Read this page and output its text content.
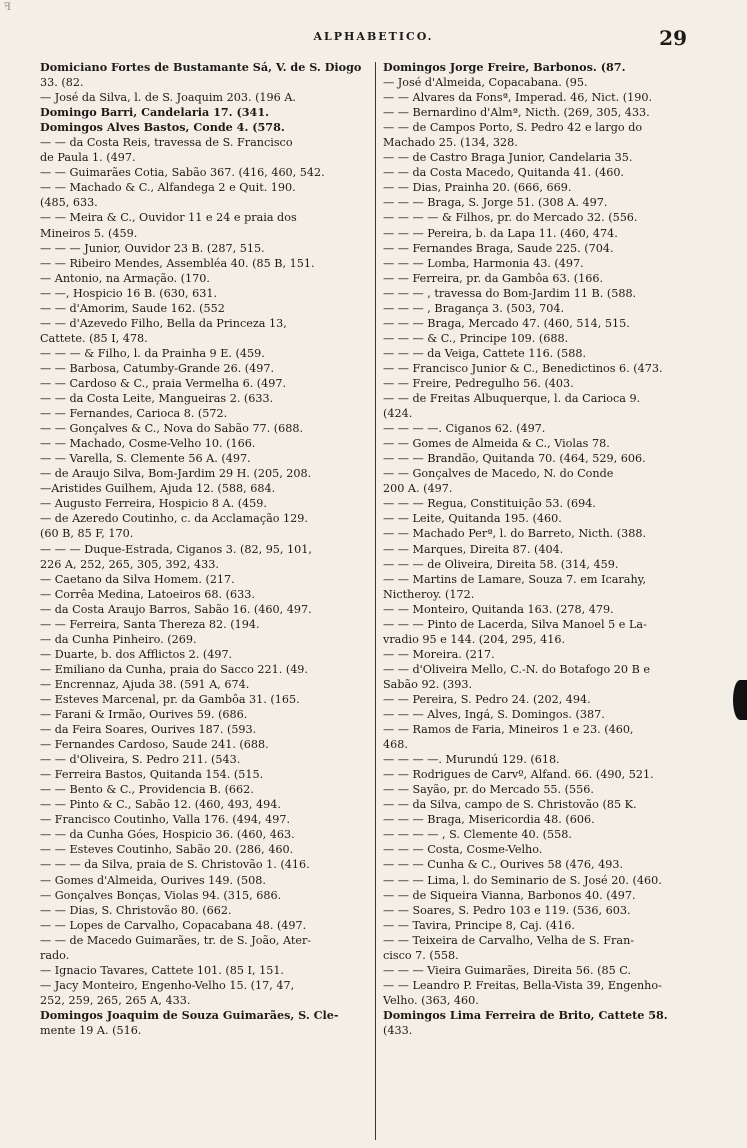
ꟻ
ALPHABETICO.	29
Domiciano Fortes de Bustamante Sá, V. de S. Diogo
33. (82.
— José da Silva, l. de S. Joaquim 203. (196 A.
Domingo Barri, Candelaria 17. (341.
Domingos Alves Bastos, Conde 4. (578.
— — da Costa Reis, travessa de S. Francisco
de Paula 1. (497.
— — Guimarães Cotia, Sabão 367. (416, 460, 542.
— — Machado & C., Alfandega 2 e Quit. 190.
(485, 633.
— — Meira & C., Ouvidor 11 e 24 e praia dos
Mineiros 5. (459.
— — — Junior, Ouvidor 23 B. (287, 515.
— — Ribeiro Mendes, Assembléa 40. (85 B, 151.
— Antonio, na Armação. (170.
— —, Hospicio 16 B. (630, 631.
— — d'Amorim, Saude 162. (552
— — d'Azevedo Filho, Bella da Princeza 13,
Cattete. (85 I, 478.
— — — & Filho, l. da Prainha 9 E. (459.
— — Barbosa, Catumby-Grande 26. (497.
— — Cardoso & C., praia Vermelha 6. (497.
— — da Costa Leite, Mangueiras 2. (633.
— — Fernandes, Carioca 8. (572.
— — Gonçalves & C., Nova do Sabão 77. (688.
— — Machado, Cosme-Velho 10. (166.
— — Varella, S. Clemente 56 A. (497.
— de Araujo Silva, Bom-Jardim 29 H. (205, 208.
—Aristides Guilhem, Ajuda 12. (588, 684.
— Augusto Ferreira, Hospicio 8 A. (459.
— de Azeredo Coutinho, c. da Acclamação 129.
(60 B, 85 F, 170.
— — — Duque-Estrada, Ciganos 3. (82, 95, 101,
226 A, 252, 265, 305, 392, 433.
— Caetano da Silva Homem. (217.
— Corrêa Medina, Latoeiros 68. (633.
— da Costa Araujo Barros, Sabão 16. (460, 497.
— — Ferreira, Santa Thereza 82. (194.
— da Cunha Pinheiro. (269.
— Duarte, b. dos Afflictos 2. (497.
— Emiliano da Cunha, praia do Sacco 221. (49.
— Encrennaz, Ajuda 38. (591 A, 674.
— Esteves Marcenal, pr. da Gambôa 31. (165.
— Farani & Irmão, Ourives 59. (686.
— da Feira Soares, Ourives 187. (593.
— Fernandes Cardoso, Saude 241. (688.
— — d'Oliveira, S. Pedro 211. (543.
— Ferreira Bastos, Quitanda 154. (515.
— — Bento & C., Providencia B. (662.
— — Pinto & C., Sabão 12. (460, 493, 494.
— Francisco Coutinho, Valla 176. (494, 497.
— — da Cunha Góes, Hospicio 36. (460, 463.
— — Esteves Coutinho, Sabão 20. (286, 460.
— — — da Silva, praia de S. Christovão 1. (416.
— Gomes d'Almeida, Ourives 149. (508.
— Gonçalves Bonças, Violas 94. (315, 686.
— — Dias, S. Christovão 80. (662.
— — Lopes de Carvalho, Copacabana 48. (497.
— — de Macedo Guimarães, tr. de S. João, Ater-
rado.
— Ignacio Tavares, Cattete 101. (85 I, 151.
— Jacy Monteiro, Engenho-Velho 15. (17, 47,
252, 259, 265, 265 A, 433.
Domingos Joaquim de Souza Guimarães, S. Cle-
mente 19 A. (516.
Domingos Jorge Freire, Barbonos. (87.
— José d'Almeida, Copacabana. (95.
— — Alvares da Fonsª, Imperad. 46, Nict. (190.
— — Bernardino d'Almª, Nicth. (269, 305, 433.
— — de Campos Porto, S. Pedro 42 e largo do
Machado 25. (134, 328.
— — de Castro Braga Junior, Candelaria 35.
— — da Costa Macedo, Quitanda 41. (460.
— — Dias, Prainha 20. (666, 669.
— — — Braga, S. Jorge 51. (308 A. 497.
— — — — & Filhos, pr. do Mercado 32. (556.
— — — Pereira, b. da Lapa 11. (460, 474.
— — Fernandes Braga, Saude 225. (704.
— — — Lomba, Harmonia 43. (497.
— — Ferreira, pr. da Gambôa 63. (166.
— — — , travessa do Bom-Jardim 11 B. (588.
— — — , Bragança 3. (503, 704.
— — — Braga, Mercado 47. (460, 514, 515.
— — — & C., Principe 109. (688.
— — — da Veiga, Cattete 116. (588.
— — Francisco Junior & C., Benedictinos 6. (473.
— — Freire, Pedregulho 56. (403.
— — de Freitas Albuquerque, l. da Carioca 9.
(424.
— — — —. Ciganos 62. (497.
— — Gomes de Almeida & C., Violas 78.
— — — Brandão, Quitanda 70. (464, 529, 606.
— — Gonçalves de Macedo, N. do Conde
200 A. (497.
— — — Regua, Constituição 53. (694.
— — Leite, Quitanda 195. (460.
— — Machado Perª, l. do Barreto, Nicth. (388.
— — Marques, Direita 87. (404.
— — — de Oliveira, Direita 58. (314, 459.
— — Martins de Lamare, Souza 7. em Icarahy,
Nictheroy. (172.
— — Monteiro, Quitanda 163. (278, 479.
— — — Pinto de Lacerda, Silva Manoel 5 e La-
vradio 95 e 144. (204, 295, 416.
— — Moreira. (217.
— — d'Oliveira Mello, C.-N. do Botafogo 20 B e
Sabão 92. (393.
— — Pereira, S. Pedro 24. (202, 494.
— — — Alves, Ingá, S. Domingos. (387.
— — Ramos de Faria, Mineiros 1 e 23. (460,
468.
— — — —. Murundú 129. (618.
— — Rodrigues de Carvº, Alfand. 66. (490, 521.
— — Sayão, pr. do Mercado 55. (556.
— — da Silva, campo de S. Christovão (85 K.
— — — Braga, Misericordia 48. (606.
— — — — , S. Clemente 40. (558.
— — — Costa, Cosme-Velho.
— — — Cunha & C., Ourives 58 (476, 493.
— — — Lima, l. do Seminario de S. José 20. (460.
— — de Siqueira Vianna, Barbonos 40. (497.
— — Soares, S. Pedro 103 e 119. (536, 603.
— — Tavira, Principe 8, Caj. (416.
— — Teixeira de Carvalho, Velha de S. Fran-
cisco 7. (558.
— — — Vieira Guimarães, Direita 56. (85 C.
— — Leandro P. Freitas, Bella-Vista 39, Engenho-
Velho. (363, 460.
Domingos Lima Ferreira de Brito, Cattete 58.
(433.
